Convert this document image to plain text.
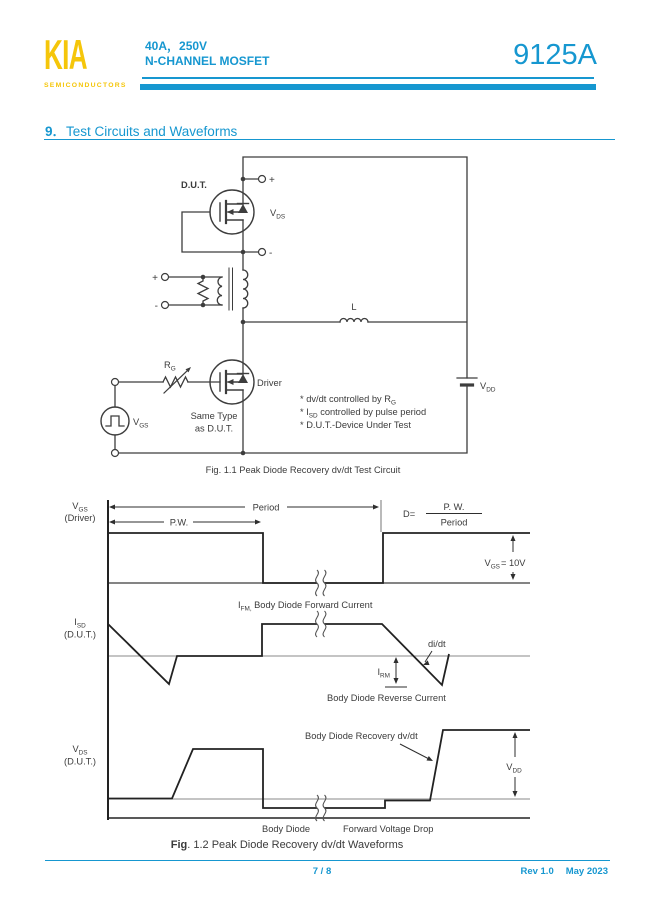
KIA
SEMICONDUCTORS
40A，250V
N-CHANNEL MOSFET	9125A
9．Test Circuits and Waveforms
D.U.T.	+
-
$V_{DS}$
+
-
$R_G$
$V_{GS}$
Driver
Same Type
as D.U.T.
L
$V_{DD}$
* dv/dt controlled by $R_G$
* $I_{SD}$ controlled by pulse period
* D.U.T.-Device Under Test
Fig. 1.1 Peak Diode Recovery dv/dt Test Circuit
$V_{GS}$
(Driver)
$I_{SD}$
(D.U.T.)
$V_{DS}$
(D.U.T.)
P.W.
Period
D=
P. W.
Period
$V_{GS}= 10V$
$I_{FM,}$ Body Diode Forward Current
di/dt
$I_{RM}$
Body Diode Reverse Current
Body Diode Recovery dv/dt
$V_{DD}$
Body Diode	Forward Voltage Drop
Fig. 1.2 Peak Diode Recovery dv/dt Waveforms
7 / 8	Rev 1.0 May 2023
